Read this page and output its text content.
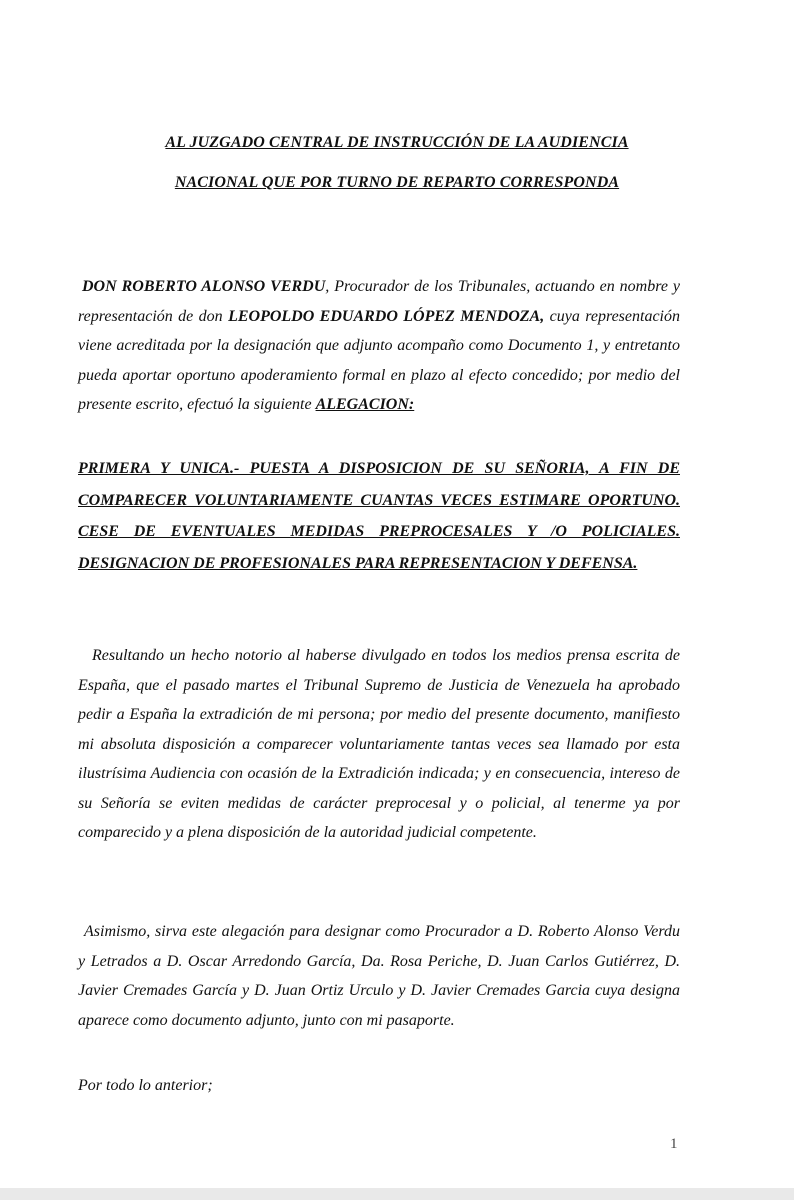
AL JUZGADO CENTRAL DE INSTRUCCIÓN DE LA AUDIENCIA
NACIONAL QUE POR TURNO DE REPARTO CORRESPONDA
DON ROBERTO ALONSO VERDU, Procurador de los Tribunales, actuando en nombre y representación de don LEOPOLDO EDUARDO LÓPEZ MENDOZA, cuya representación viene acreditada por la designación que adjunto acompaño como Documento 1, y entretanto pueda aportar oportuno apoderamiento formal en plazo al efecto concedido; por medio del presente escrito, efectuó la siguiente ALEGACION:
PRIMERA Y UNICA.- PUESTA A DISPOSICION DE SU SEÑORIA, A FIN DE COMPARECER VOLUNTARIAMENTE CUANTAS VECES ESTIMARE OPORTUNO. CESE DE EVENTUALES MEDIDAS PREPROCESALES Y /O POLICIALES. DESIGNACION DE PROFESIONALES PARA REPRESENTACION Y DEFENSA.
Resultando un hecho notorio al haberse divulgado en todos los medios prensa escrita de España, que el pasado martes el Tribunal Supremo de Justicia de Venezuela ha aprobado pedir a España la extradición de mi persona; por medio del presente documento, manifiesto mi absoluta disposición a comparecer voluntariamente tantas veces sea llamado por esta ilustrísima Audiencia con ocasión de la Extradición indicada; y en consecuencia, intereso de su Señoría se eviten medidas de carácter preprocesal y o policial, al tenerme ya por comparecido y a plena disposición de la autoridad judicial competente.
Asimismo, sirva este alegación para designar como Procurador a D. Roberto Alonso Verdu y Letrados a D. Oscar Arredondo García, Da. Rosa Periche, D. Juan Carlos Gutiérrez, D. Javier Cremades García y D. Juan Ortiz Urculo y D. Javier Cremades Garcia cuya designa aparece como documento adjunto, junto con mi pasaporte.
Por todo lo anterior;
1
